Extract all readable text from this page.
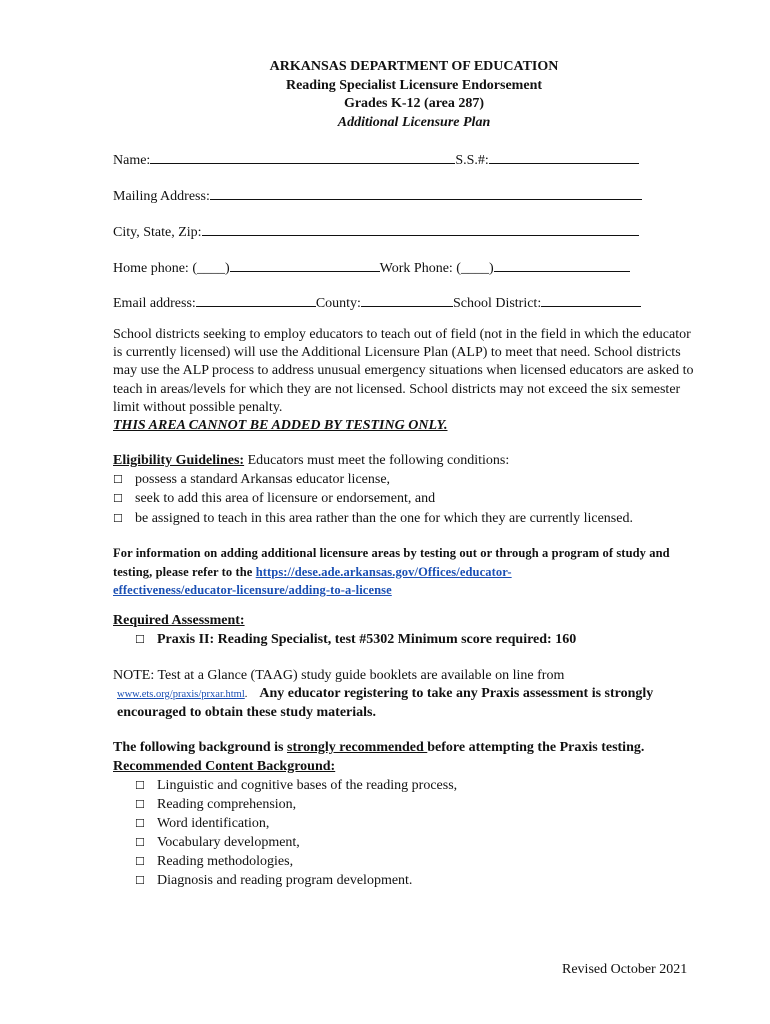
ARKANSAS DEPARTMENT OF EDUCATION
Reading Specialist Licensure Endorsement
Grades K-12 (area 287)
Additional Licensure Plan
Name:	S.S.#:
Mailing Address:
City, State, Zip:
Home phone: (____)	Work Phone: (____)
Email address:	County:	School District:
School districts seeking to employ educators to teach out of field (not in the field in which the educator is currently licensed) will use the Additional Licensure Plan (ALP) to meet that need. School districts may use the ALP process to address unusual emergency situations when licensed educators are asked to teach in areas/levels for which they are not licensed. School districts may not exceed the six semester limit without possible penalty.
THIS AREA CANNOT BE ADDED BY TESTING ONLY.
Eligibility Guidelines: Educators must meet the following conditions:
☐ possess a standard Arkansas educator license,
☐ seek to add this area of licensure or endorsement, and
☐ be assigned to teach in this area rather than the one for which they are currently licensed.
For information on adding additional licensure areas by testing out or through a program of study and testing, please refer to the https://dese.ade.arkansas.gov/Offices/educator-
effectiveness/educator-licensure/adding-to-a-license
Required Assessment:
☐ Praxis II: Reading Specialist, test #5302 Minimum score required: 160
NOTE: Test at a Glance (TAAG) study guide booklets are available on line from
www.ets.org/praxis/prxar.html. Any educator registering to take any Praxis assessment is strongly
encouraged to obtain these study materials.
The following background is strongly recommended before attempting the Praxis testing.
Recommended Content Background:
☐ Linguistic and cognitive bases of the reading process,
☐ Reading comprehension,
☐ Word identification,
☐ Vocabulary development,
☐ Reading methodologies,
☐ Diagnosis and reading program development.
Revised October 2021
